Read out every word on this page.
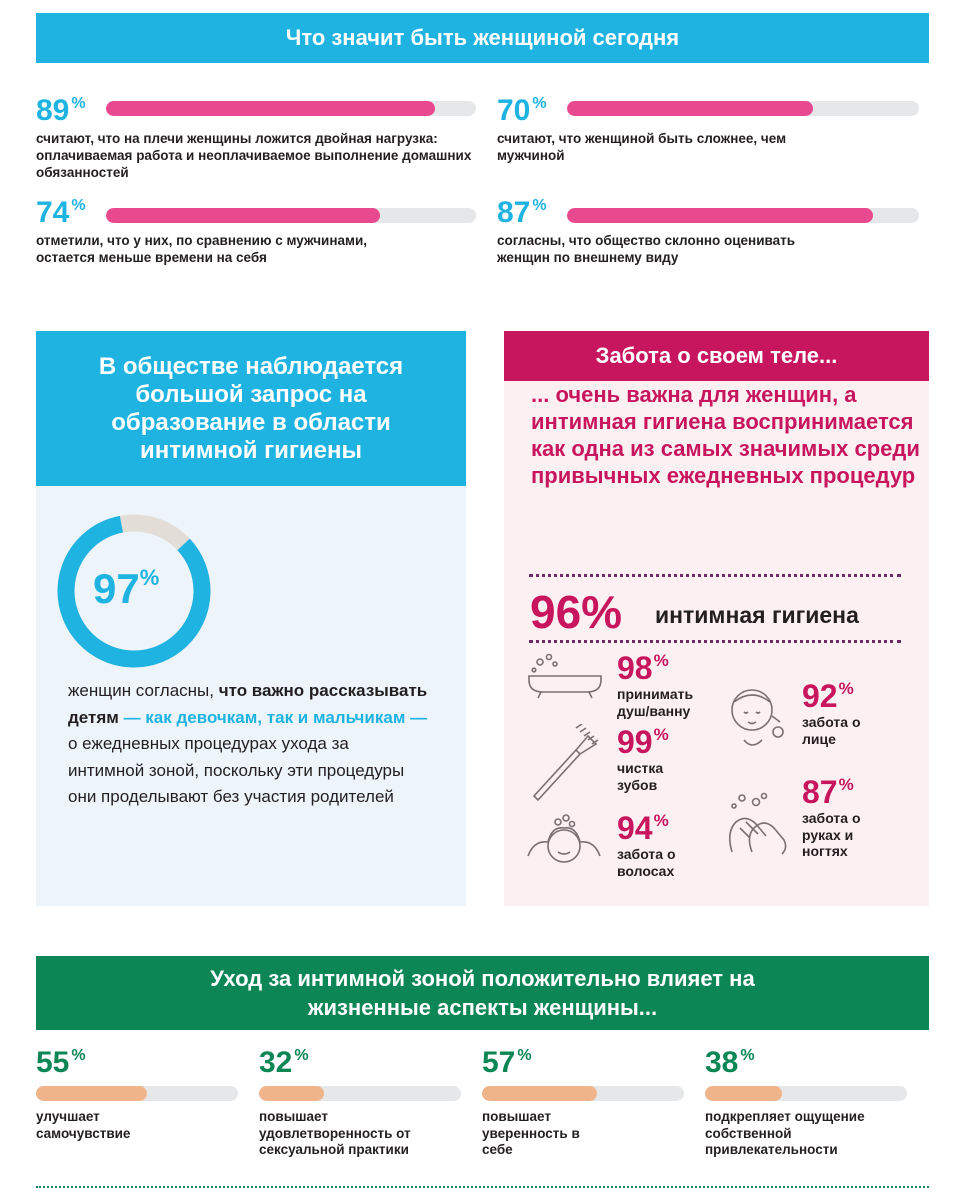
Что значит быть женщиной сегодня
89 %
считают, что на плечи женщины ложится двойная нагрузка: оплачиваемая работа и неоплачиваемое выполнение домашних обязанностей
70 %
считают, что женщиной быть сложнее, чем мужчиной
74 %
отметили, что у них, по сравнению с мужчинами, остается меньше времени на себя
87 %
согласны, что общество склонно оценивать женщин по внешнему виду
В обществе наблюдается большой запрос на образование в области интимной гигиены
97%
женщин согласны, что важно рассказывать детям — как девочкам, так и мальчикам — о ежедневных процедурах ухода за интимной зоной, поскольку эти процедуры они проделывают без участия родителей
Забота о своем теле...
... очень важна для женщин, а интимная гигиена воспринимается как одна из самых значимых среди привычных ежедневных процедур
96% интимная гигиена
98%
принимать душ/ванну
99%
чистка зубов
94%
забота о волосах
92%
забота о лице
87%
забота о руках и ногтях
Уход за интимной зоной положительно влияет на жизненные аспекты женщины...
55 %
улучшает самочувствие
32 %
повышает удовлетворенность от сексуальной практики
57 %
повышает уверенность в себе
38 %
подкрепляет ощущение собственной привлекательности
